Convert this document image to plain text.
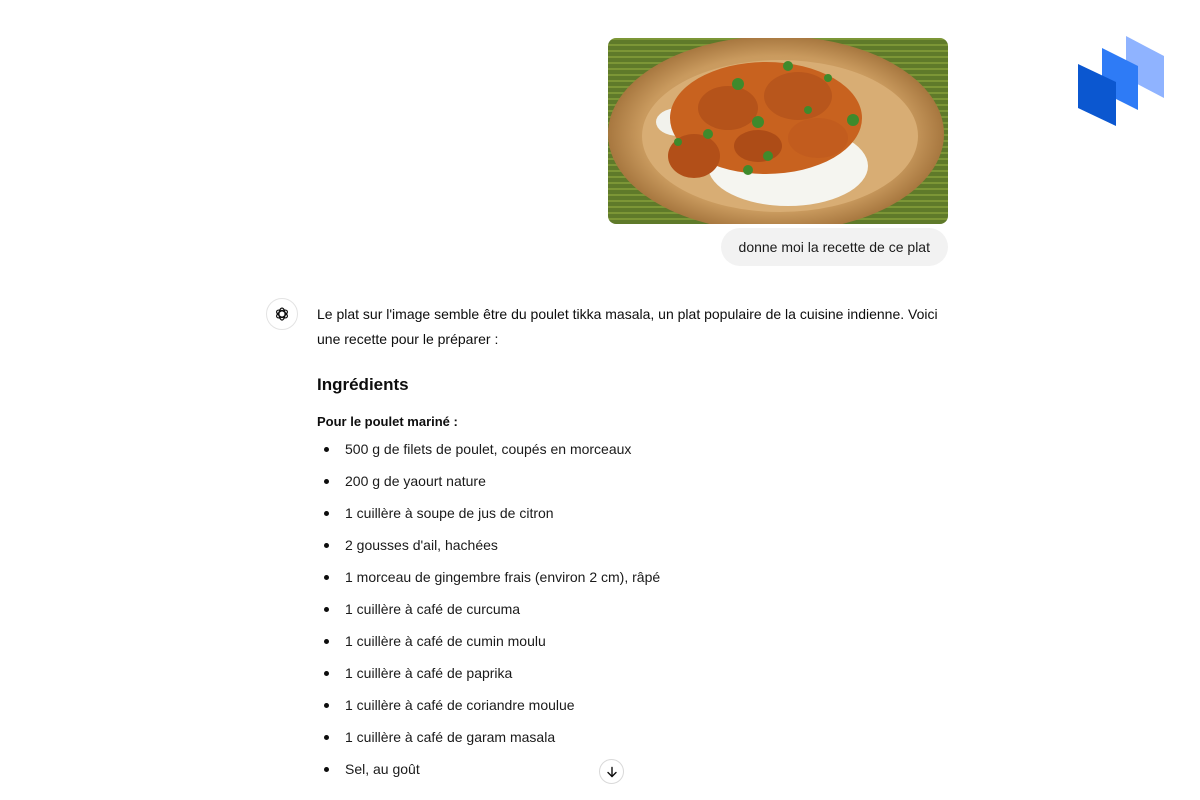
donne moi la recette de ce plat

Le plat sur l'image semble être du poulet tikka masala, un plat populaire de la cuisine indienne. Voici une recette pour le préparer :

Ingrédients

Pour le poulet mariné :

500 g de filets de poulet, coupés en morceaux
200 g de yaourt nature
1 cuillère à soupe de jus de citron
2 gousses d'ail, hachées
1 morceau de gingembre frais (environ 2 cm), râpé
1 cuillère à café de curcuma
1 cuillère à café de cumin moulu
1 cuillère à café de paprika
1 cuillère à café de coriandre moulue
1 cuillère à café de garam masala
Sel, au goût
